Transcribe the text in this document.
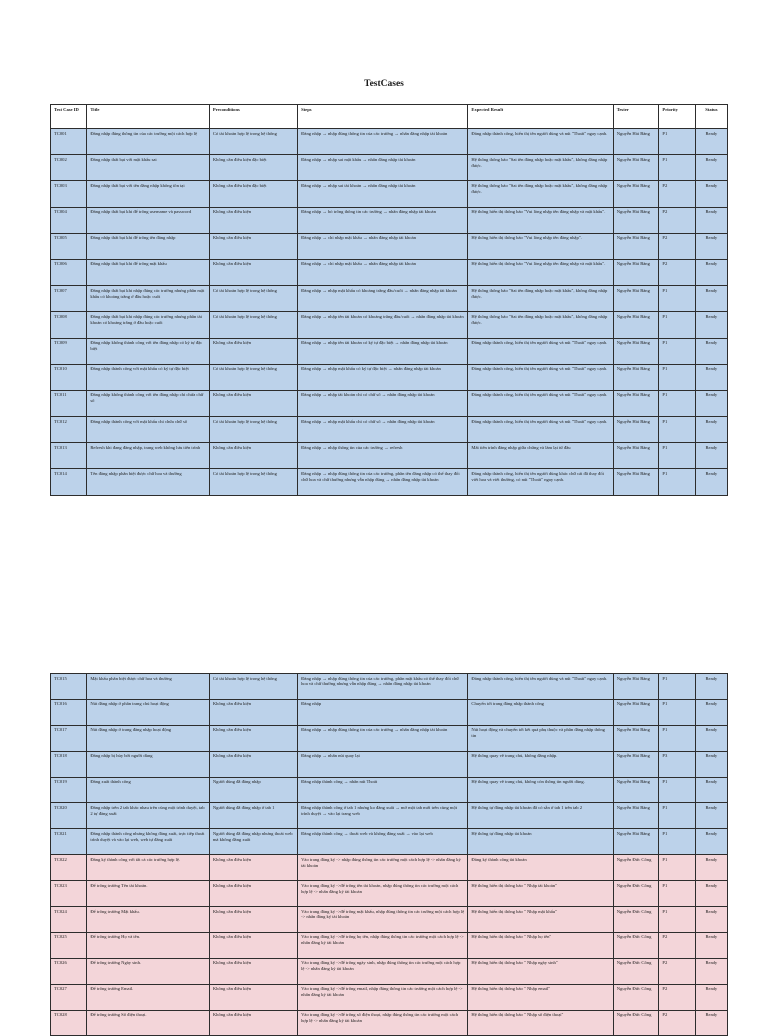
TestCases
Test Case ID	Title	Preconditions	Steps	Expected Result	Tester	Priority	Status
TC001	Đăng nhập đúng thông tin của các trường một cách hợp lệ	Có tài khoản hợp lệ trong hệ thống	Đăng nhập → nhập đúng thông tin của các trường → nhấn đăng nhập tài khoản	Đăng nhập thành công, hiển thị tên người dùng và nút "Thoát" ngay cạnh.	Nguyễn Hải Băng	P1	Ready
TC002	Đăng nhập thất bại với mật khẩu sai	Không cần điều kiện đặc biệt	Đăng nhập → nhập sai mật khẩu → nhấn đăng nhập tài khoản	Hệ thống thông báo "Sai tên đăng nhập hoặc mật khẩu", không đăng nhập được.	Nguyễn Hải Băng	P1	Ready
TC003	Đăng nhập thất bại với tên đăng nhập không tồn tại	Không cần điều kiện đặc biệt	Đăng nhập → nhập sai tài khoản → nhấn đăng nhập tài khoản	Hệ thống thông báo "Sai tên đăng nhập hoặc mật khẩu", không đăng nhập được.	Nguyễn Hải Băng	P2	Ready
TC004	Đăng nhập thất bại khi để trống username và password	Không cần điều kiện	Đăng nhập → bỏ trống thông tin các trường → nhấn đăng nhập tài khoản	Hệ thống hiển thị thông báo "Vui lòng nhập tên đăng nhập và mật khẩu".	Nguyễn Hải Băng	P2	Ready
TC005	Đăng nhập thất bại khi để trống tên đăng nhập	Không cần điều kiện	Đăng nhập → chỉ nhập mật khẩu → nhấn đăng nhập tài khoản	Hệ thống hiển thị thông báo "Vui lòng nhập tên đăng nhập".	Nguyễn Hải Băng	P2	Ready
TC006	Đăng nhập thất bại khi để trống mật khẩu	Không cần điều kiện	Đăng nhập → chỉ nhập mật khẩu → nhấn đăng nhập tài khoản	Hệ thống hiển thị thông báo "Vui lòng nhập tên đăng nhập và mật khẩu".	Nguyễn Hải Băng	P2	Ready
TC007	Đăng nhập thất bại khi nhập đúng các trường nhưng phần mật khẩu có khoảng trắng ở đầu hoặc cuối	Có tài khoản hợp lệ trong hệ thống	Đăng nhập → nhập mật khẩu có khoảng trắng đầu/cuối → nhấn đăng nhập tài khoản	Hệ thống thông báo "Sai tên đăng nhập hoặc mật khẩu", không đăng nhập được.	Nguyễn Hải Băng	P1	Ready
TC008	Đăng nhập thất bại khi nhập đúng các trường nhưng phần tài khoản có khoảng trắng ở đầu hoặc cuối	Có tài khoản hợp lệ trong hệ thống	Đăng nhập → nhập tên tài khoản có khoảng trắng đầu/cuối → nhấn đăng nhập tài khoản	Hệ thống thông báo "Sai tên đăng nhập hoặc mật khẩu", không đăng nhập được.	Nguyễn Hải Băng	P1	Ready
TC009	Đăng nhập không thành công với tên đăng nhập có ký tự đặc biệt	Không cần điều kiện	Đăng nhập → nhập tên tài khoản có ký tự đặc biệt → nhấn đăng nhập tài khoản	Đăng nhập thành công, hiển thị tên người dùng và nút "Thoát" ngay cạnh.	Nguyễn Hải Băng	P1	Ready
TC010	Đăng nhập thành công với mật khẩu có ký tự đặc biệt	Có tài khoản hợp lệ trong hệ thống	Đăng nhập → nhập mật khẩu có ký tự đặc biệt → nhấn đăng nhập tài khoản	Đăng nhập thành công, hiển thị tên người dùng và nút "Thoát" ngay cạnh.	Nguyễn Hải Băng	P1	Ready
TC011	Đăng nhập không thành công với tên đăng nhập chỉ chứa chữ số	Không cần điều kiện	Đăng nhập → nhập tài khoản chỉ có chữ số → nhấn đăng nhập tài khoản	Đăng nhập thành công, hiển thị tên người dùng và nút "Thoát" ngay cạnh.	Nguyễn Hải Băng	P1	Ready
TC012	Đăng nhập thành công với mật khẩu chỉ chứa chữ số	Có tài khoản hợp lệ trong hệ thống	Đăng nhập → nhập mật khẩu chỉ có chữ số → nhấn đăng nhập tài khoản	Đăng nhập thành công, hiển thị tên người dùng và nút "Thoát" ngay cạnh.	Nguyễn Hải Băng	P1	Ready
TC013	Refresh khi đang đăng nhập, trang web không lưu tiến trình	Không cần điều kiện	Đăng nhập → nhập thông tin của các trường → refresh	Mất tiến trình đăng nhập giữa chừng và làm lại từ đầu	Nguyễn Hải Băng	P1	Ready
TC014	Tên đăng nhập phân biệt được chữ hoa và thường	Có tài khoản hợp lệ trong hệ thống	Đăng nhập → nhập đúng thông tin của các trường, phần tên đăng nhập có thể thay đổi chữ hoa và chữ thường nhưng vẫn nhập đúng → nhấn đăng nhập tài khoản	Đăng nhập thành công, hiển thị tên người dùng khác chữ cái đã thay đổi viết hoa và viết thường, có nút "Thoát" ngay cạnh.	Nguyễn Hải Băng	P1	Ready
TC015	Mật khẩu phân biệt được chữ hoa và thường	Có tài khoản hợp lệ trong hệ thống	Đăng nhập → nhập đúng thông tin của các trường, phần mật khẩu có thể thay đổi chữ hoa và chữ thường nhưng vẫn nhập đúng → nhấn đăng nhập tài khoản	Đăng nhập thành công, hiển thị tên người dùng và nút "Thoát" ngay cạnh.	Nguyễn Hải Băng	P1	Ready
TC016	Nút đăng nhập ở phần trang chủ hoạt động	Không cần điều kiện	Đăng nhập	Chuyển tới trang đăng nhập thành công	Nguyễn Hải Băng	P1	Ready
TC017	Nút đăng nhập ở trang đăng nhập hoạt động	Không cần điều kiện	Đăng nhập → nhập đúng thông tin của các trường → nhấn đăng nhập tài khoản	Nút hoạt động và chuyển tới kết quả phụ thuộc và phần đăng nhập thông tin	Nguyễn Hải Băng	P1	Ready
TC018	Đăng nhập bị hủy bởi người dùng	Không cần điều kiện	Đăng nhập → nhấn nút quay lại	Hệ thống quay về trang chủ, không đăng nhập.	Nguyễn Hải Băng	P3	Ready
TC019	Đăng xuất thành công	Người dùng đã đăng nhập	Đăng nhập thành công → nhấn nút Thoát	Hệ thống quay về trang chủ, không còn thông tin người dùng.	Nguyễn Hải Băng	P1	Ready
TC020	Đăng nhập trên 2 tab khác nhau trên cùng một trình duyệt, tab 2 tự đăng xuất	Người dùng đã đăng nhập ở tab 1	Đăng nhập thành công ở tab 1 nhưng ko đăng xuất → mở một tab mới trên cùng một trình duyệt → vào lại trang web	Hệ thống tự đăng nhập tài khoản đã có sẵn ở tab 1 trên tab 2	Nguyễn Hải Băng	P1	Ready
TC021	Đăng nhập thành công nhưng không đăng xuất, trực tiếp thoát trình duyệt và vào lại web, web tự đăng xuất	Người dùng đã đăng nhập nhưng thoát web mà không đăng xuất	Đăng nhập thành công → thoát web và không đăng xuất → vào lại web	Hệ thống tự đăng nhập tài khoản	Nguyễn Hải Băng	P1	Ready
TC022	Đăng ký thành công với tất cả các trường hợp lệ.	Không cần điều kiện	Vào trang đăng ký -> nhập đúng thông tin các trường một cách hợp lệ -> nhấn đăng ký tài khoản	Đăng ký thành công tài khoản	Nguyễn Đức Công	P1	Ready
TC023	Để trống trường Tên tài khoản.	Không cần điều kiện	Vào trang đăng ký ->để trống tên tài khoản, nhập đúng thông tin các trường một cách hợp lệ -> nhấn đăng ký tài khoản	Hệ thống hiển thị thông báo " Nhập tài khoản"	Nguyễn Đức Công	P1	Ready
TC024	Để trống trường Mật khẩu.	Không cần điều kiện	Vào trang đăng ký ->để trống mật khẩu, nhập đúng thông tin các trường một cách hợp lệ -> nhấn đăng ký tài khoản	Hệ thống hiển thị thông báo " Nhập mật khẩu"	Nguyễn Đức Công	P1	Ready
TC025	Để trống trường Họ và tên.	Không cần điều kiện	Vào trang đăng ký ->để trống họ tên, nhập đúng thông tin các trường một cách hợp lệ -> nhấn đăng ký tài khoản	Hệ thống hiển thị thông báo " Nhập họ tên"	Nguyễn Đức Công	P2	Ready
TC026	Để trống trường Ngày sinh.	Không cần điều kiện	Vào trang đăng ký ->để trống ngày sinh, nhập đúng thông tin các trường một cách hợp lệ -> nhấn đăng ký tài khoản	Hệ thống hiển thị thông báo " Nhập ngày sinh"	Nguyễn Đức Công	P2	Ready
TC027	Để trống trường Email.	Không cần điều kiện	Vào trang đăng ký ->để trống email, nhập đúng thông tin các trường một cách hợp lệ -> nhấn đăng ký tài khoản	Hệ thống hiển thị thông báo " Nhập email"	Nguyễn Đức Công	P2	Ready
TC028	Để trống trường Số điện thoại.	Không cần điều kiện	Vào trang đăng ký ->để trống số điện thoại, nhập đúng thông tin các trường một cách hợp lệ -> nhấn đăng ký tài khoản	Hệ thống hiển thị thông báo " Nhập số điện thoại"	Nguyễn Đức Công	P2	Ready
